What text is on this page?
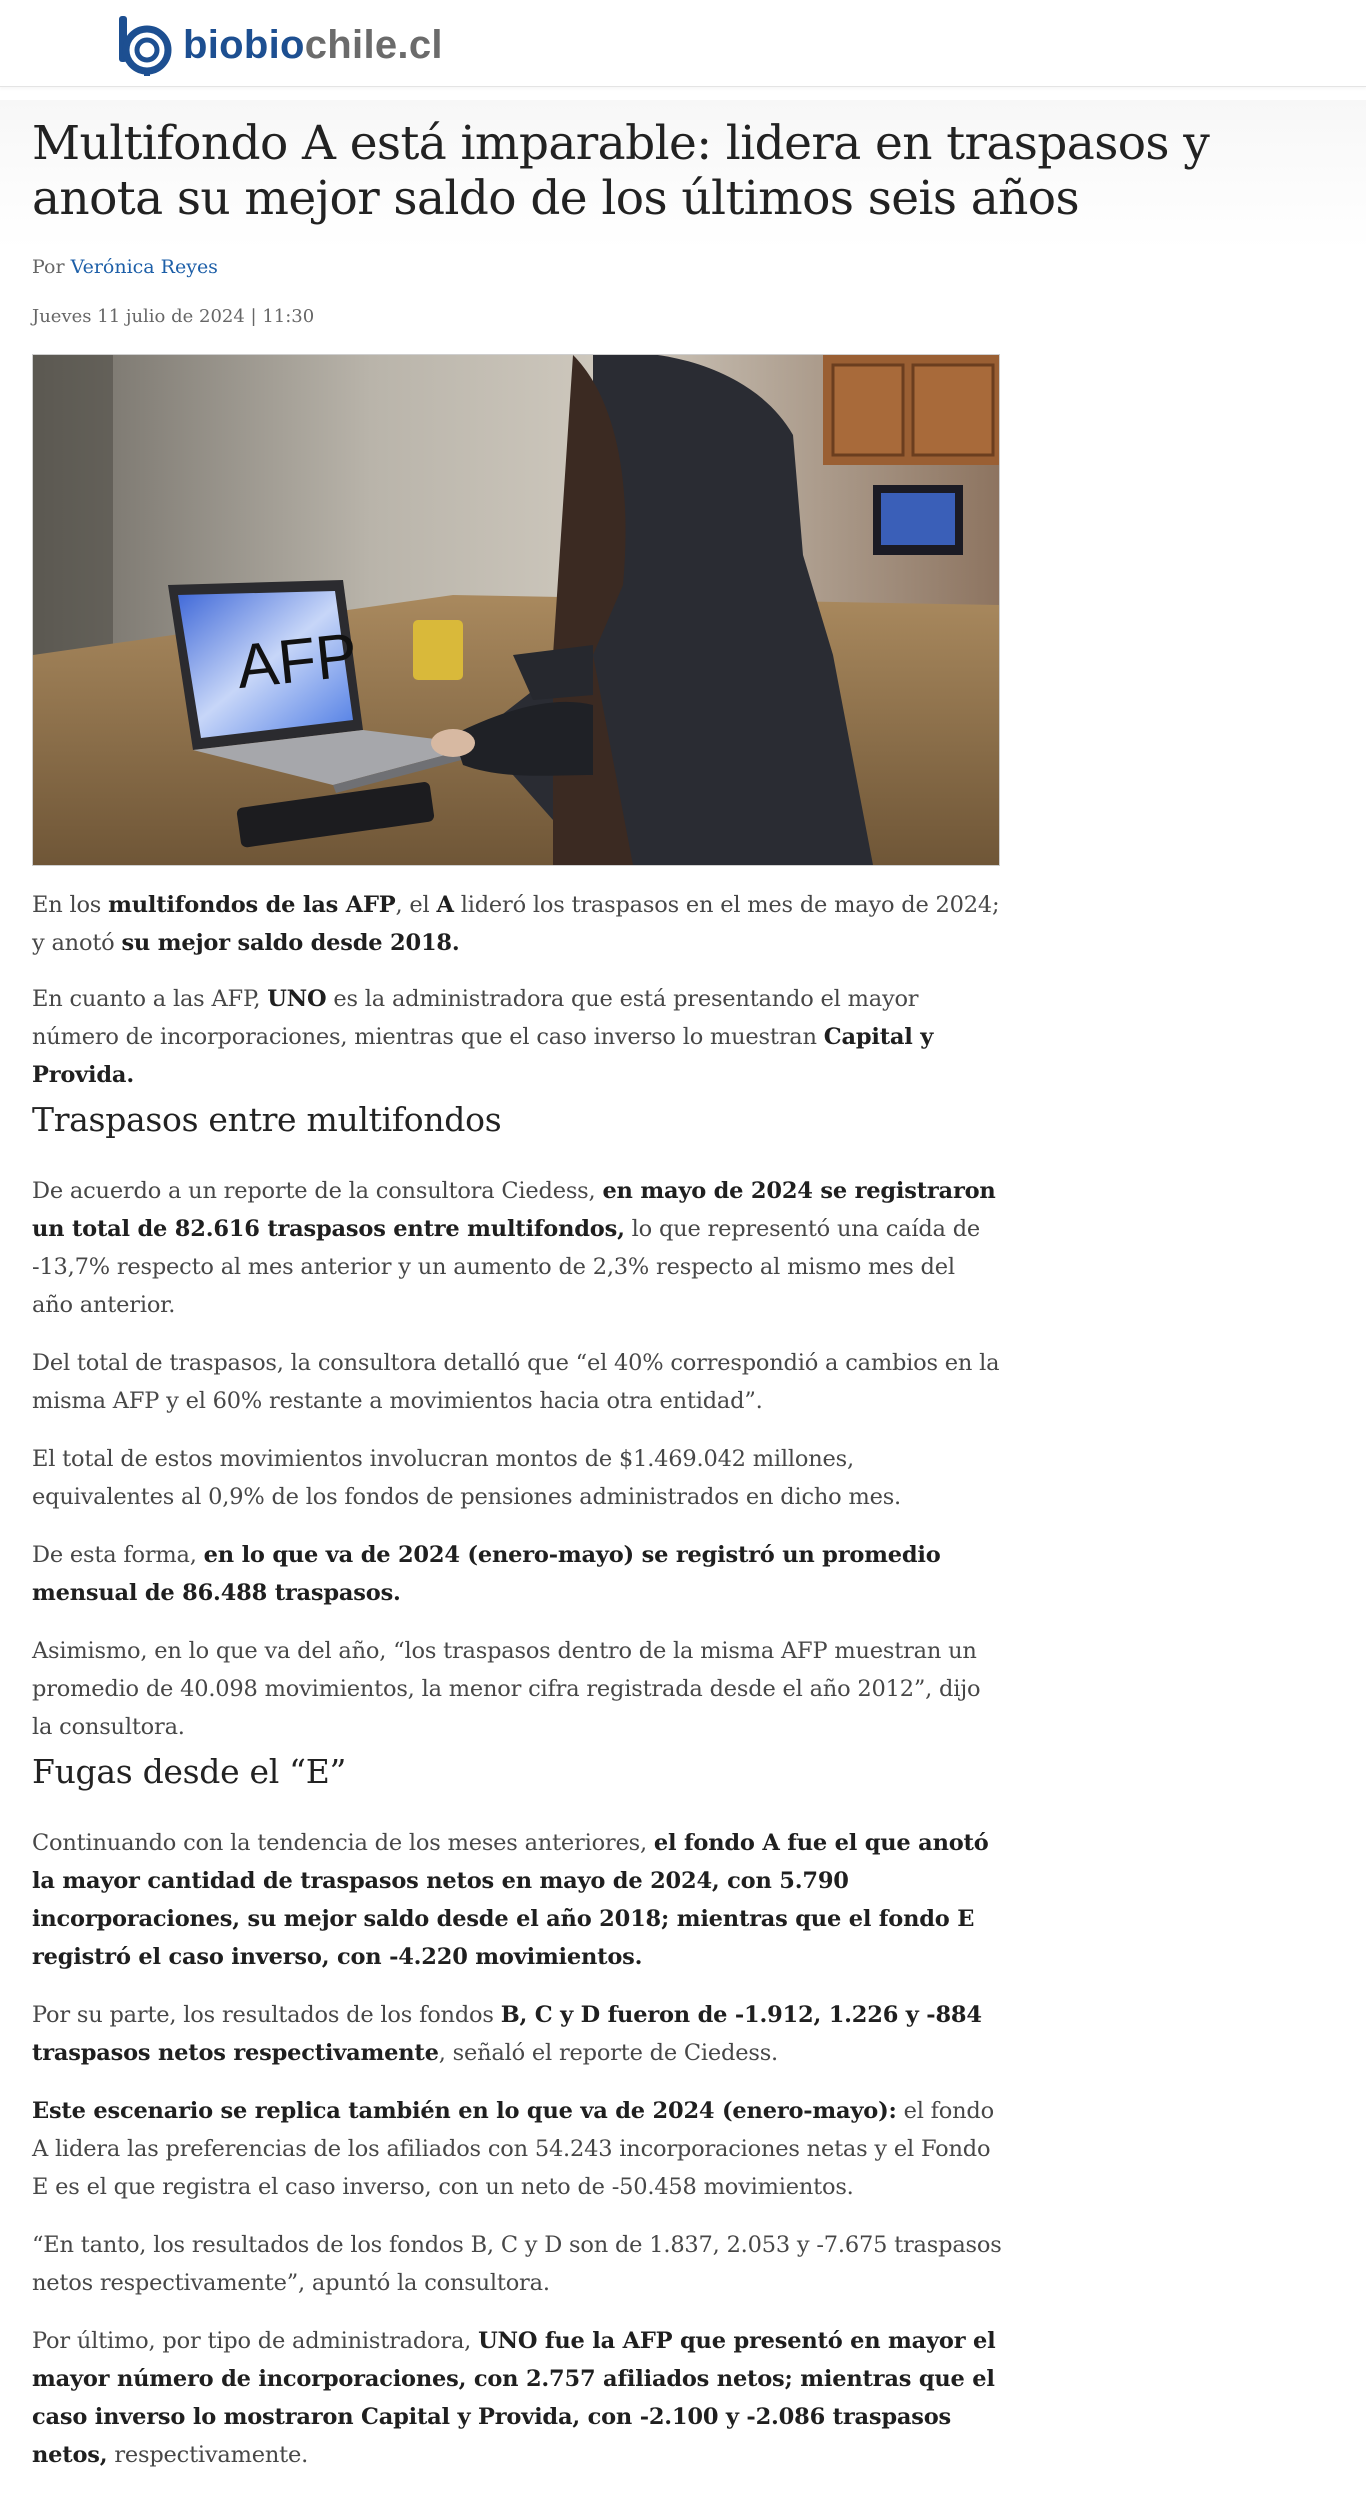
biobiochile.cl
Multifondo A está imparable: lidera en traspasos y anota su mejor saldo de los últimos seis años
Por Verónica Reyes
Jueves 11 julio de 2024 | 11:30
AFP

En los multifondos de las AFP, el A lideró los traspasos en el mes de mayo de 2024; y anotó su mejor saldo desde 2018.

En cuanto a las AFP, UNO es la administradora que está presentando el mayor número de incorporaciones, mientras que el caso inverso lo muestran Capital y Provida.

Traspasos entre multifondos

De acuerdo a un reporte de la consultora Ciedess, en mayo de 2024 se registraron un total de 82.616 traspasos entre multifondos, lo que representó una caída de -13,7% respecto al mes anterior y un aumento de 2,3% respecto al mismo mes del año anterior.

Del total de traspasos, la consultora detalló que “el 40% correspondió a cambios en la misma AFP y el 60% restante a movimientos hacia otra entidad”.

El total de estos movimientos involucran montos de $1.469.042 millones, equivalentes al 0,9% de los fondos de pensiones administrados en dicho mes.

De esta forma, en lo que va de 2024 (enero-mayo) se registró un promedio mensual de 86.488 traspasos.

Asimismo, en lo que va del año, “los traspasos dentro de la misma AFP muestran un promedio de 40.098 movimientos, la menor cifra registrada desde el año 2012”, dijo la consultora.

Fugas desde el “E”

Continuando con la tendencia de los meses anteriores, el fondo A fue el que anotó la mayor cantidad de traspasos netos en mayo de 2024, con 5.790 incorporaciones, su mejor saldo desde el año 2018; mientras que el fondo E registró el caso inverso, con -4.220 movimientos.

Por su parte, los resultados de los fondos B, C y D fueron de -1.912, 1.226 y -884 traspasos netos respectivamente, señaló el reporte de Ciedess.

Este escenario se replica también en lo que va de 2024 (enero-mayo): el fondo A lidera las preferencias de los afiliados con 54.243 incorporaciones netas y el Fondo E es el que registra el caso inverso, con un neto de -50.458 movimientos.

“En tanto, los resultados de los fondos B, C y D son de 1.837, 2.053 y -7.675 traspasos netos respectivamente”, apuntó la consultora.

Por último, por tipo de administradora, UNO fue la AFP que presentó en mayor el mayor número de incorporaciones, con 2.757 afiliados netos; mientras que el caso inverso lo mostraron Capital y Provida, con -2.100 y -2.086 traspasos netos, respectivamente.
